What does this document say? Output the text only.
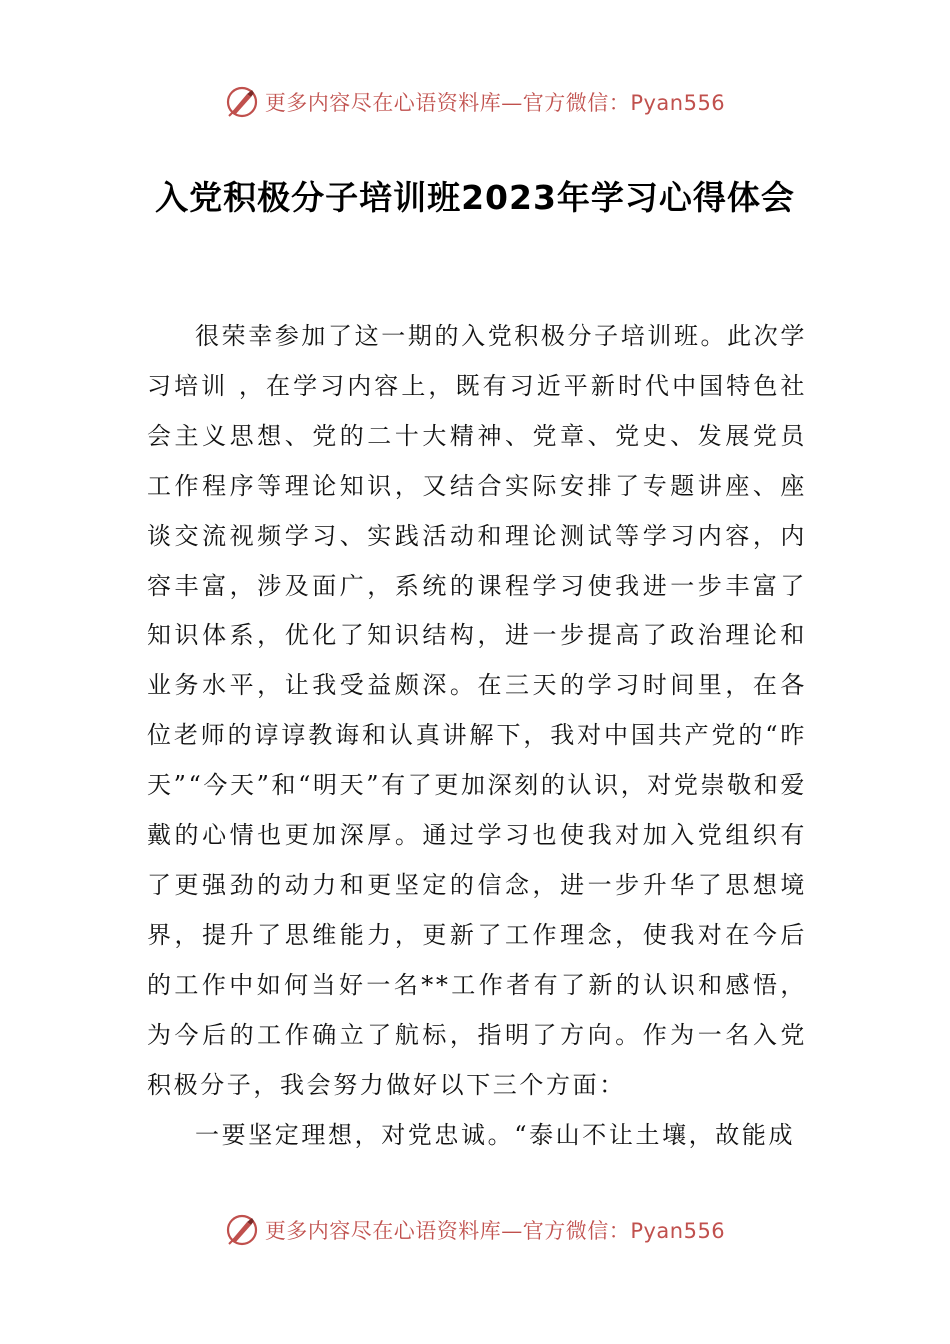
更多内容尽在心语资料库—官方微信：Pyan556
入党积极分子培训班2023年学习心得体会

很荣幸参加了这一期的入党积极分子培训班。此次学习培训 ，在学习内容上，既有习近平新时代中国特色社会主义思想、党的二十大精神、党章、党史、发展党员工作程序等理论知识，又结合实际安排了专题讲座、座谈交流视频学习、实践活动和理论测试等学习内容，内容丰富，涉及面广，系统的课程学习使我进一步丰富了知识体系，优化了知识结构，进一步提高了政治理论和业务水平，让我受益颇深。在三天的学习时间里，在各位老师的谆谆教诲和认真讲解下，我对中国共产党的“昨天”“今天”和“明天”有了更加深刻的认识，对党崇敬和爱戴的心情也更加深厚。通过学习也使我对加入党组织有了更强劲的动力和更坚定的信念，进一步升华了思想境界，提升了思维能力，更新了工作理念，使我对在今后的工作中如何当好一名**工作者有了新的认识和感悟，为今后的工作确立了航标，指明了方向。作为一名入党积极分子，我会努力做好以下三个方面：

一要坚定理想，对党忠诚。“泰山不让土壤，故能成

更多内容尽在心语资料库—官方微信：Pyan556
